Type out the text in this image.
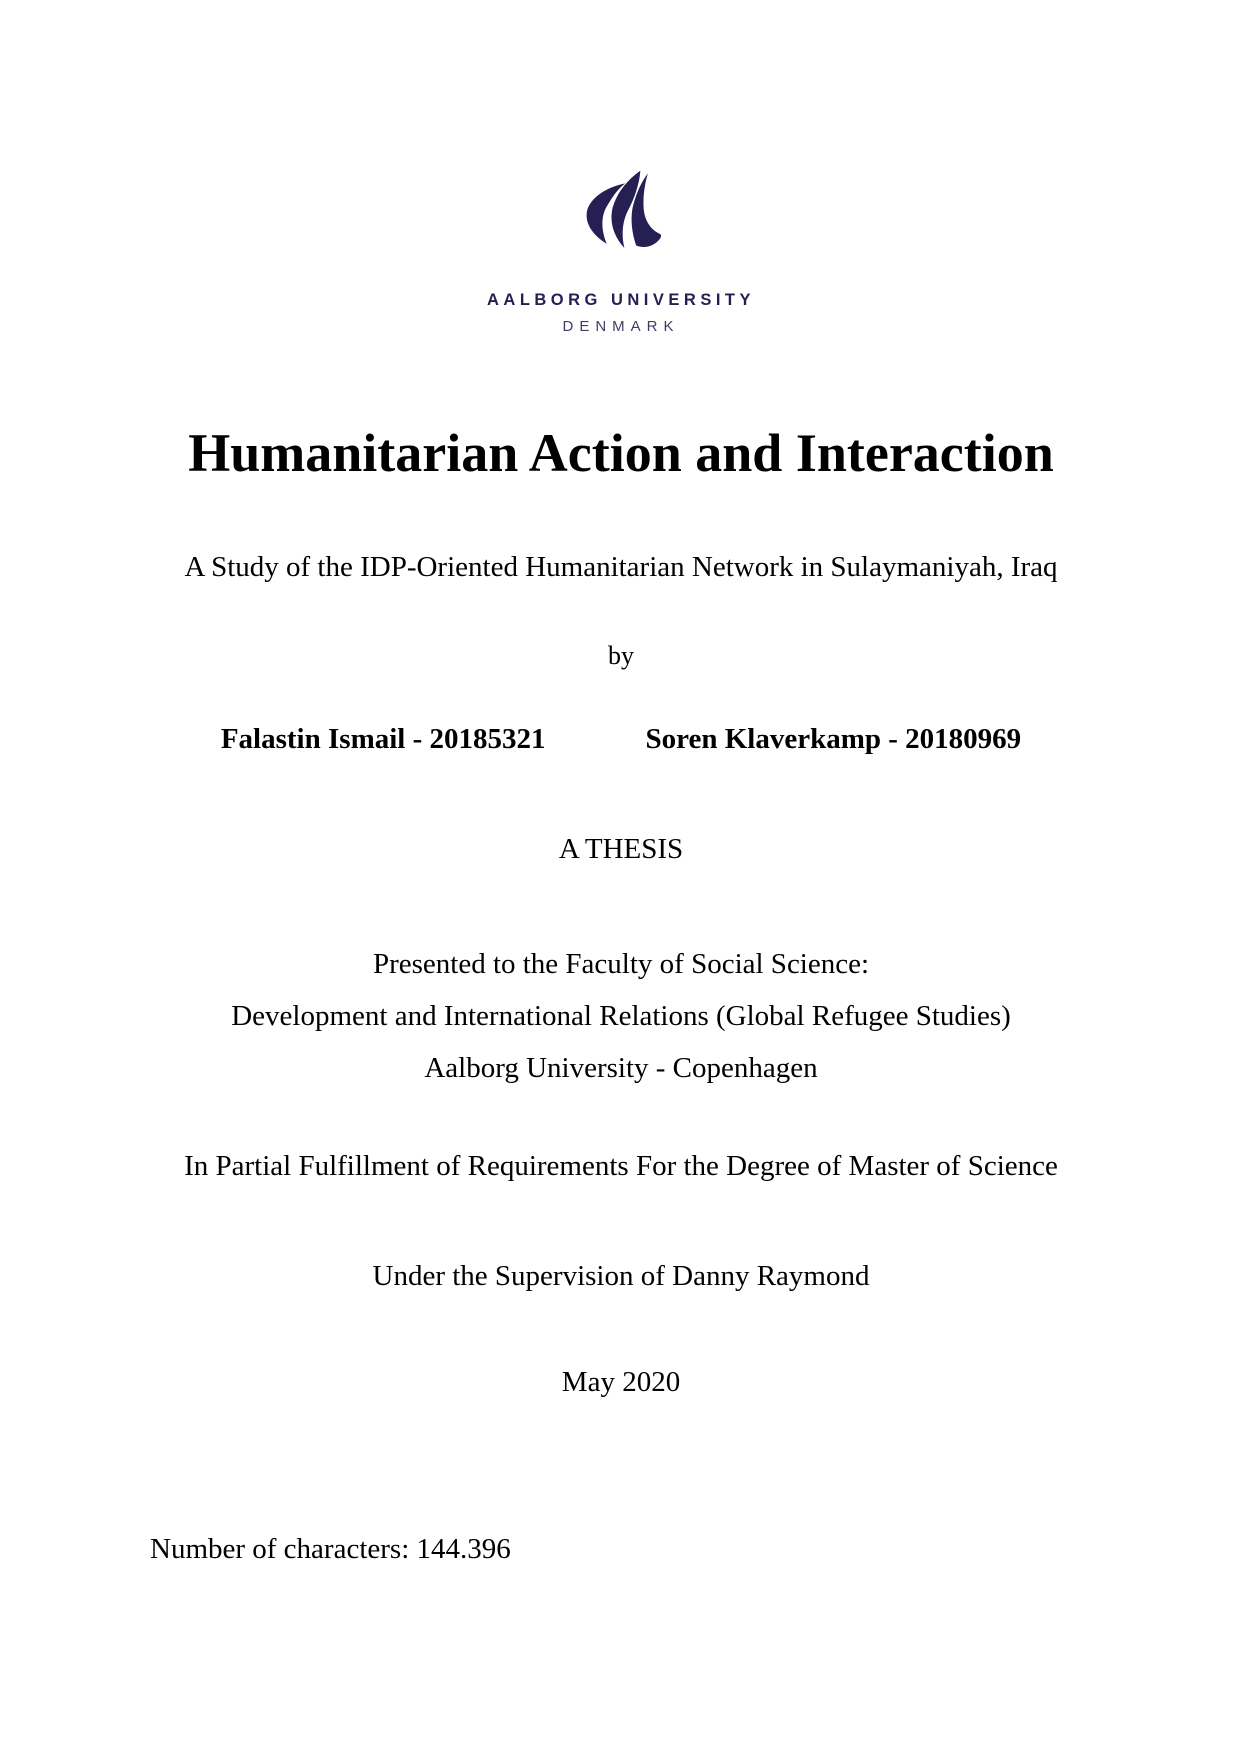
AALBORG UNIVERSITY
DENMARK
Humanitarian Action and Interaction
A Study of the IDP-Oriented Humanitarian Network in Sulaymaniyah, Iraq
by
Falastin Ismail - 20185321	Soren Klaverkamp - 20180969
A THESIS
Presented to the Faculty of Social Science:
Development and International Relations (Global Refugee Studies)
Aalborg University - Copenhagen
In Partial Fulfillment of Requirements For the Degree of Master of Science
Under the Supervision of Danny Raymond
May 2020
Number of characters: 144.396
